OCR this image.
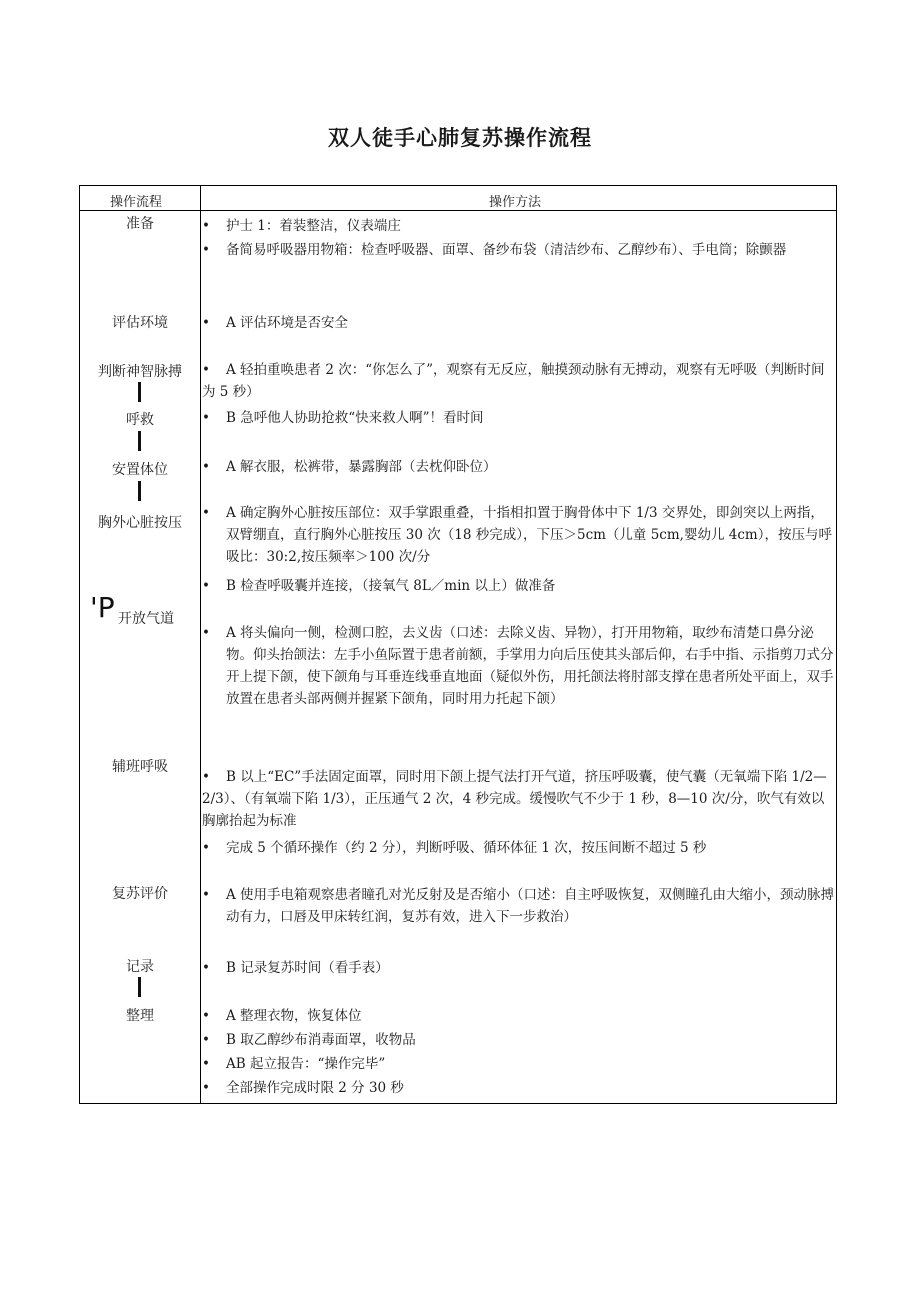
双人徒手心肺复苏操作流程
操作流程	操作方法
准备
评估环境
判断神智脉搏
呼救
安置体位
胸外心脏按压
'P 开放气道
辅班呼吸
复苏评价
记录
整理
• 护士 1：着装整洁，仪表端庄
• 备简易呼吸器用物箱：检查呼吸器、面罩、备纱布袋（清洁纱布、乙醇纱布）、手电筒；除颤器
• A 评估环境是否安全
• A 轻拍重唤患者 2 次：“你怎么了”，观察有无反应，触摸颈动脉有无搏动，观察有无呼吸（判断时间为 5 秒）
• B 急呼他人协助抢救“快来救人啊”！看时间
• A 解衣服，松裤带，暴露胸部（去枕仰卧位）
• A 确定胸外心脏按压部位：双手掌跟重叠，十指相扣置于胸骨体中下 1/3 交界处，即剑突以上两指，双臂绷直，直行胸外心脏按压 30 次（18 秒完成），下压＞5cm（儿童 5cm,婴幼儿 4cm），按压与呼吸比：30:2,按压频率＞100 次/分
• B 检查呼吸囊并连接，（接氧气 8L／min 以上）做准备
• A 将头偏向一侧，检测口腔，去义齿（口述：去除义齿、异物），打开用物箱，取纱布清楚口鼻分泌物。仰头抬颌法：左手小鱼际置于患者前额，手掌用力向后压使其头部后仰，右手中指、示指剪刀式分开上提下颌，使下颌角与耳垂连线垂直地面（疑似外伤，用托颌法将肘部支撑在患者所处平面上，双手放置在患者头部两侧并握紧下颌角，同时用力托起下颌）
• B 以上“EC”手法固定面罩，同时用下颌上提气法打开气道，挤压呼吸囊，使气囊（无氧端下陷 1/2—2/3）、（有氧端下陷 1/3），正压通气 2 次，4 秒完成。缓慢吹气不少于 1 秒，8—10 次/分，吹气有效以胸廓抬起为标准
• 完成 5 个循环操作（约 2 分），判断呼吸、循环体征 1 次，按压间断不超过 5 秒
• A 使用手电箱观察患者瞳孔对光反射及是否缩小（口述：自主呼吸恢复，双侧瞳孔由大缩小，颈动脉搏动有力，口唇及甲床转红润，复苏有效，进入下一步救治）
• B 记录复苏时间（看手表）
• A 整理衣物，恢复体位
• B 取乙醇纱布消毒面罩，收物品
• AB 起立报告：“操作完毕”
• 全部操作完成时限 2 分 30 秒
